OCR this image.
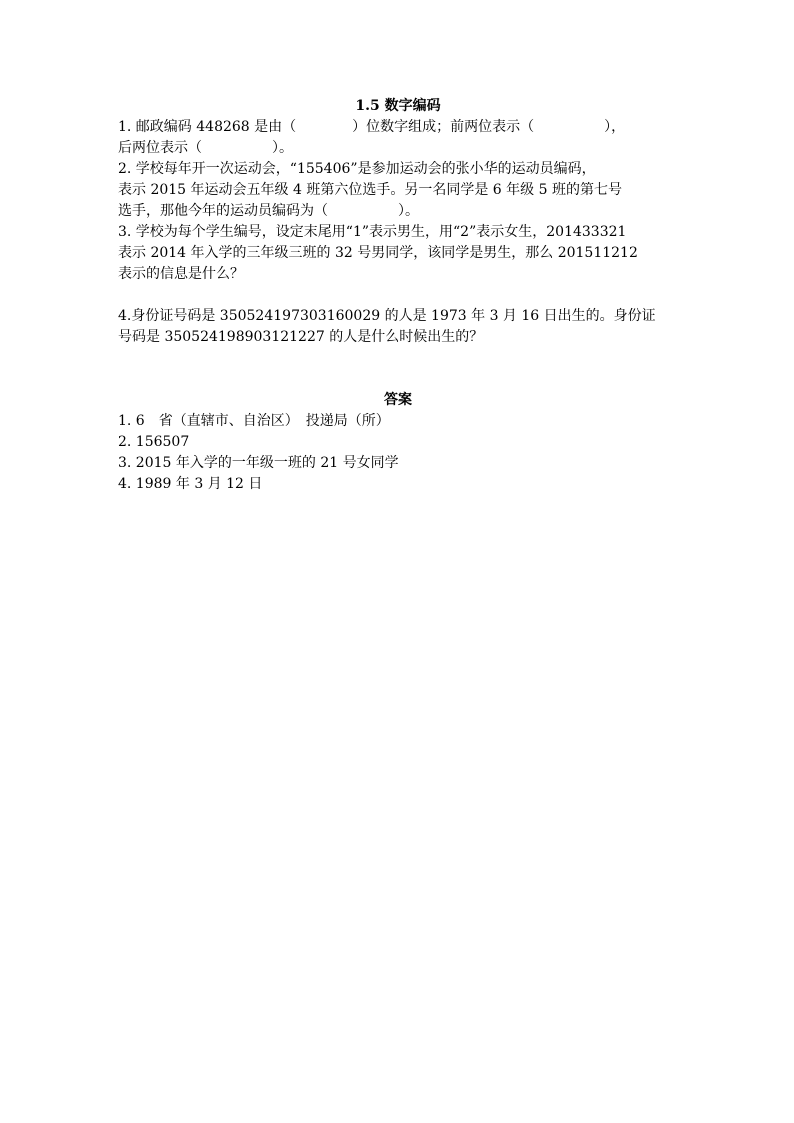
1.5 数字编码
1. 邮政编码 448268 是由（　　　　）位数字组成；前两位表示（　　　　　），
后两位表示（　　　　　）。
2. 学校每年开一次运动会，“155406”是参加运动会的张小华的运动员编码，
表示 2015 年运动会五年级 4 班第六位选手。另一名同学是 6 年级 5 班的第七号
选手，那他今年的运动员编码为（　　　　　）。
3. 学校为每个学生编号，设定末尾用“1”表示男生，用“2”表示女生，201433321
表示 2014 年入学的三年级三班的 32 号男同学，该同学是男生，那么 201511212
表示的信息是什么？
4.身份证号码是 350524197303160029 的人是 1973 年 3 月 16 日出生的。身份证
号码是 350524198903121227 的人是什么时候出生的？
答案
1. 6　省（直辖市、自治区）　投递局（所）
2. 156507
3. 2015 年入学的一年级一班的 21 号女同学
4. 1989 年 3 月 12 日
